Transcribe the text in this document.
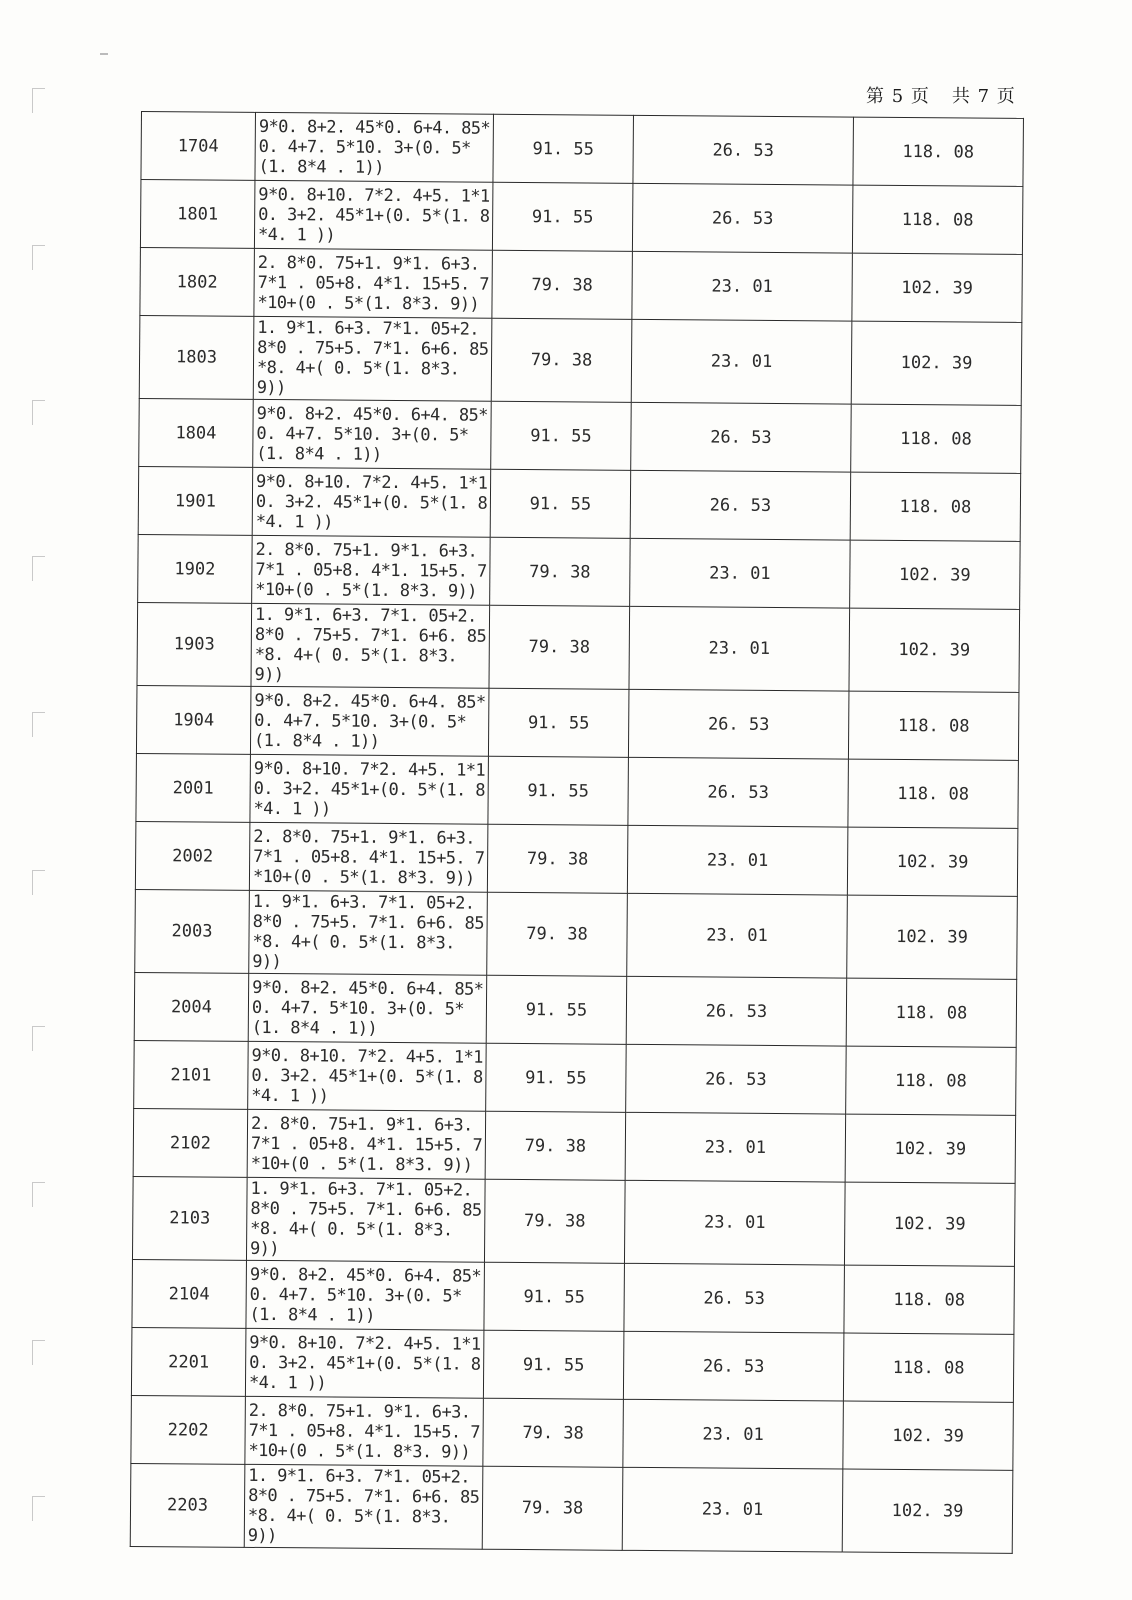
第 5 页 共 7 页
1704	9*0. 8+2. 45*0. 6+4. 85*0. 4+7. 5*10. 3+(0. 5*(1. 8*4 . 1))	91. 55	26. 53	118. 08
1801	9*0. 8+10. 7*2. 4+5. 1*10. 3+2. 45*1+(0. 5*(1. 8*4. 1 ))	91. 55	26. 53	118. 08
1802	2. 8*0. 75+1. 9*1. 6+3. 7*1 . 05+8. 4*1. 15+5. 7*10+(0 . 5*(1. 8*3. 9))	79. 38	23. 01	102. 39
1803	1. 9*1. 6+3. 7*1. 05+2. 8*0 . 75+5. 7*1. 6+6. 85*8. 4+( 0. 5*(1. 8*3. 9))	79. 38	23. 01	102. 39
1804	9*0. 8+2. 45*0. 6+4. 85*0. 4+7. 5*10. 3+(0. 5*(1. 8*4 . 1))	91. 55	26. 53	118. 08
1901	9*0. 8+10. 7*2. 4+5. 1*10. 3+2. 45*1+(0. 5*(1. 8*4. 1 ))	91. 55	26. 53	118. 08
1902	2. 8*0. 75+1. 9*1. 6+3. 7*1 . 05+8. 4*1. 15+5. 7*10+(0 . 5*(1. 8*3. 9))	79. 38	23. 01	102. 39
1903	1. 9*1. 6+3. 7*1. 05+2. 8*0 . 75+5. 7*1. 6+6. 85*8. 4+( 0. 5*(1. 8*3. 9))	79. 38	23. 01	102. 39
1904	9*0. 8+2. 45*0. 6+4. 85*0. 4+7. 5*10. 3+(0. 5*(1. 8*4 . 1))	91. 55	26. 53	118. 08
2001	9*0. 8+10. 7*2. 4+5. 1*10. 3+2. 45*1+(0. 5*(1. 8*4. 1 ))	91. 55	26. 53	118. 08
2002	2. 8*0. 75+1. 9*1. 6+3. 7*1 . 05+8. 4*1. 15+5. 7*10+(0 . 5*(1. 8*3. 9))	79. 38	23. 01	102. 39
2003	1. 9*1. 6+3. 7*1. 05+2. 8*0 . 75+5. 7*1. 6+6. 85*8. 4+( 0. 5*(1. 8*3. 9))	79. 38	23. 01	102. 39
2004	9*0. 8+2. 45*0. 6+4. 85*0. 4+7. 5*10. 3+(0. 5*(1. 8*4 . 1))	91. 55	26. 53	118. 08
2101	9*0. 8+10. 7*2. 4+5. 1*10. 3+2. 45*1+(0. 5*(1. 8*4. 1 ))	91. 55	26. 53	118. 08
2102	2. 8*0. 75+1. 9*1. 6+3. 7*1 . 05+8. 4*1. 15+5. 7*10+(0 . 5*(1. 8*3. 9))	79. 38	23. 01	102. 39
2103	1. 9*1. 6+3. 7*1. 05+2. 8*0 . 75+5. 7*1. 6+6. 85*8. 4+( 0. 5*(1. 8*3. 9))	79. 38	23. 01	102. 39
2104	9*0. 8+2. 45*0. 6+4. 85*0. 4+7. 5*10. 3+(0. 5*(1. 8*4 . 1))	91. 55	26. 53	118. 08
2201	9*0. 8+10. 7*2. 4+5. 1*10. 3+2. 45*1+(0. 5*(1. 8*4. 1 ))	91. 55	26. 53	118. 08
2202	2. 8*0. 75+1. 9*1. 6+3. 7*1 . 05+8. 4*1. 15+5. 7*10+(0 . 5*(1. 8*3. 9))	79. 38	23. 01	102. 39
2203	1. 9*1. 6+3. 7*1. 05+2. 8*0 . 75+5. 7*1. 6+6. 85*8. 4+( 0. 5*(1. 8*3. 9))	79. 38	23. 01	102. 39
